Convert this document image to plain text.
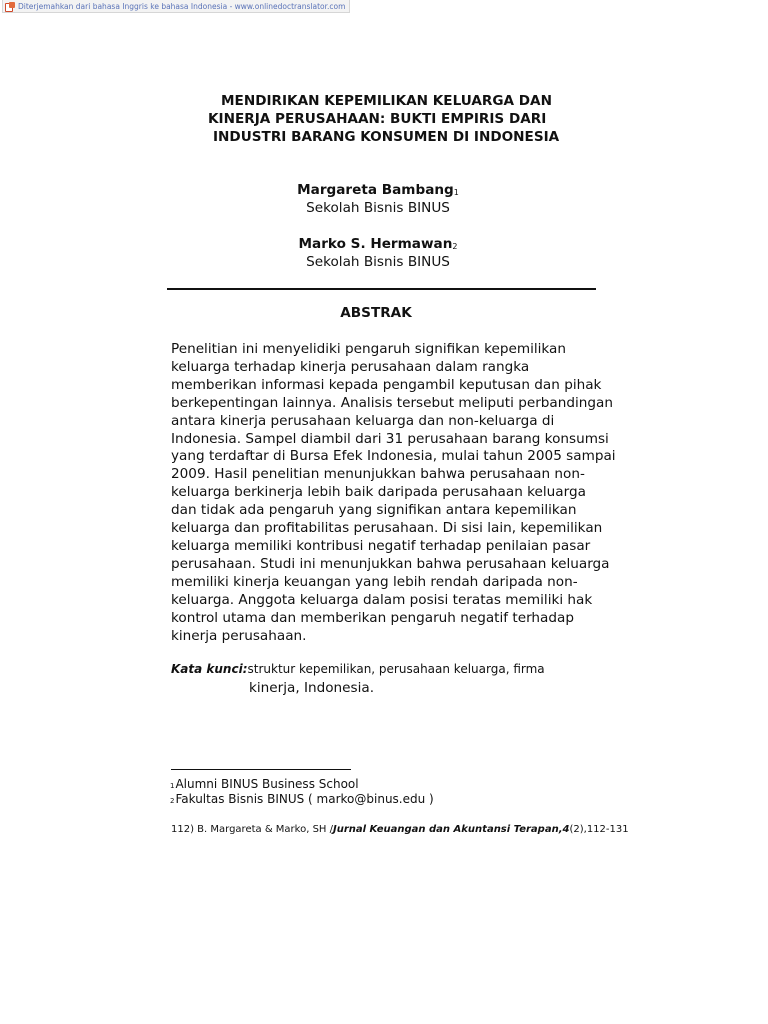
Diterjemahkan dari bahasa Inggris ke bahasa Indonesia - www.onlinedoctranslator.com
MENDIRIKAN KEPEMILIKAN KELUARGA DAN
KINERJA PERUSAHAAN: BUKTI EMPIRIS DARI
INDUSTRI BARANG KONSUMEN DI INDONESIA
Margareta Bambang$_1$
Sekolah Bisnis BINUS
Marko S. Hermawan$_2$
Sekolah Bisnis BINUS
ABSTRAK
Penelitian ini menyelidiki pengaruh signifikan kepemilikan
keluarga terhadap kinerja perusahaan dalam rangka
memberikan informasi kepada pengambil keputusan dan pihak
berkepentingan lainnya. Analisis tersebut meliputi perbandingan
antara kinerja perusahaan keluarga dan non-keluarga di
Indonesia. Sampel diambil dari 31 perusahaan barang konsumsi
yang terdaftar di Bursa Efek Indonesia, mulai tahun 2005 sampai
2009. Hasil penelitian menunjukkan bahwa perusahaan non-
keluarga berkinerja lebih baik daripada perusahaan keluarga
dan tidak ada pengaruh yang signifikan antara kepemilikan
keluarga dan profitabilitas perusahaan. Di sisi lain, kepemilikan
keluarga memiliki kontribusi negatif terhadap penilaian pasar
perusahaan. Studi ini menunjukkan bahwa perusahaan keluarga
memiliki kinerja keuangan yang lebih rendah daripada non-
keluarga. Anggota keluarga dalam posisi teratas memiliki hak
kontrol utama dan memberikan pengaruh negatif terhadap
kinerja perusahaan.
Kata kunci:struktur kepemilikan, perusahaan keluarga, firma
kinerja, Indonesia.
1Alumni BINUS Business School
2Fakultas Bisnis BINUS ( marko@binus.edu )
112) B. Margareta & Marko, SH /Jurnal Keuangan dan Akuntansi Terapan,4(2),112-131
